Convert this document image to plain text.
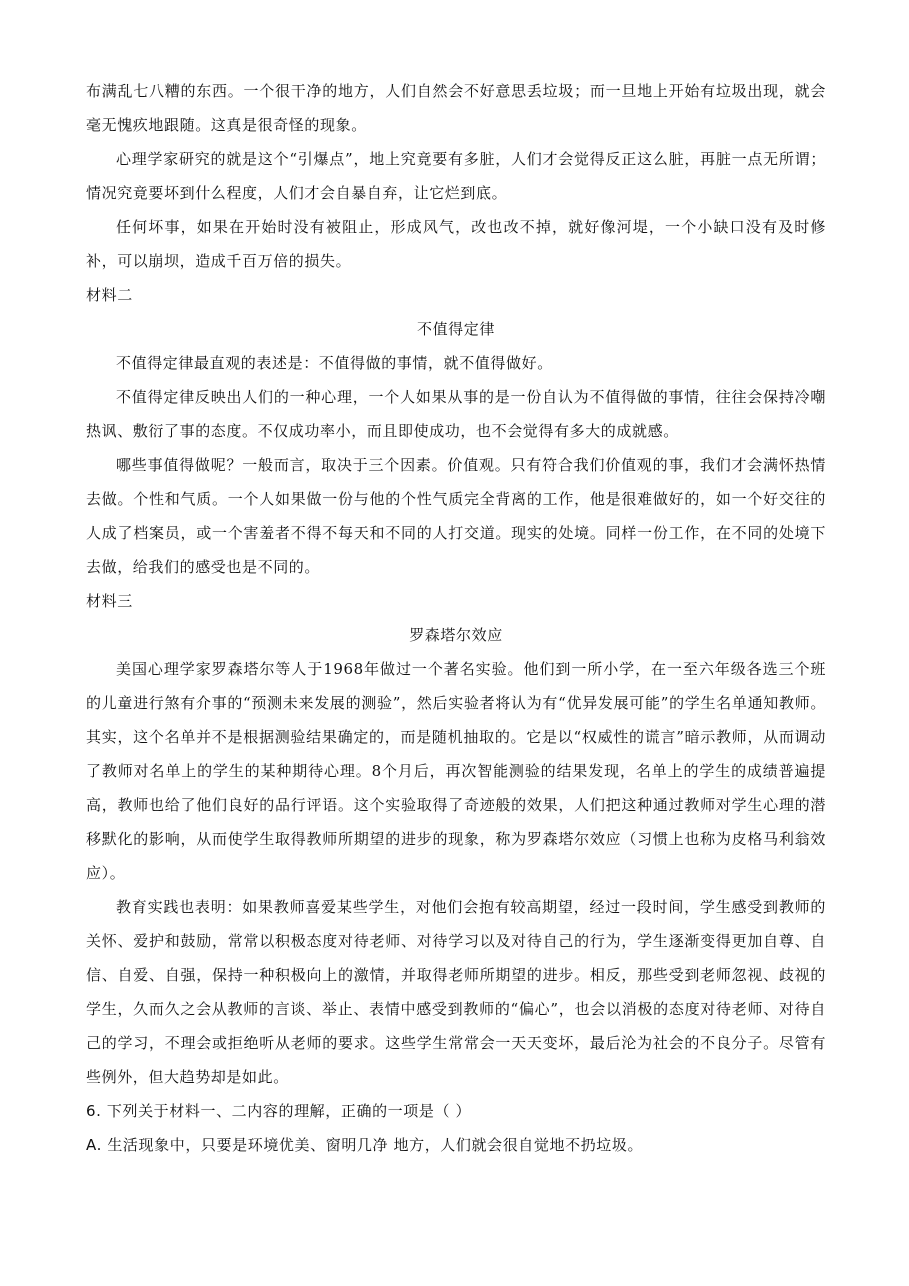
布满乱七八糟的东西。一个很干净的地方，人们自然会不好意思丢垃圾；而一旦地上开始有垃圾出现，就会毫无愧疚地跟随。这真是很奇怪的现象。

心理学家研究的就是这个“引爆点”，地上究竟要有多脏，人们才会觉得反正这么脏，再脏一点无所谓；情况究竟要坏到什么程度，人们才会自暴自弃，让它烂到底。

任何坏事，如果在开始时没有被阻止，形成风气，改也改不掉，就好像河堤，一个小缺口没有及时修补，可以崩坝，造成千百万倍的损失。

材料二

不值得定律

不值得定律最直观的表述是：不值得做的事情，就不值得做好。

不值得定律反映出人们的一种心理，一个人如果从事的是一份自认为不值得做的事情，往往会保持冷嘲热讽、敷衍了事的态度。不仅成功率小，而且即使成功，也不会觉得有多大的成就感。

哪些事值得做呢？一般而言，取决于三个因素。价值观。只有符合我们价值观的事，我们才会满怀热情去做。个性和气质。一个人如果做一份与他的个性气质完全背离的工作，他是很难做好的，如一个好交往的人成了档案员，或一个害羞者不得不每天和不同的人打交道。现实的处境。同样一份工作，在不同的处境下去做，给我们的感受也是不同的。

材料三

罗森塔尔效应

美国心理学家罗森塔尔等人于1968年做过一个著名实验。他们到一所小学，在一至六年级各选三个班的儿童进行煞有介事的“预测未来发展的测验”，然后实验者将认为有“优异发展可能”的学生名单通知教师。其实，这个名单并不是根据测验结果确定的，而是随机抽取的。它是以“权威性的谎言”暗示教师，从而调动了教师对名单上的学生的某种期待心理。8个月后，再次智能测验的结果发现，名单上的学生的成绩普遍提高，教师也给了他们良好的品行评语。这个实验取得了奇迹般的效果，人们把这种通过教师对学生心理的潜移默化的影响，从而使学生取得教师所期望的进步的现象，称为罗森塔尔效应（习惯上也称为皮格马利翁效应）。

教育实践也表明：如果教师喜爱某些学生，对他们会抱有较高期望，经过一段时间，学生感受到教师的关怀、爱护和鼓励，常常以积极态度对待老师、对待学习以及对待自己的行为，学生逐渐变得更加自尊、自信、自爱、自强，保持一种积极向上的激情，并取得老师所期望的进步。相反，那些受到老师忽视、歧视的学生，久而久之会从教师的言谈、举止、表情中感受到教师的“偏心”，也会以消极的态度对待老师、对待自己的学习，不理会或拒绝听从老师的要求。这些学生常常会一天天变坏，最后沦为社会的不良分子。尽管有些例外，但大趋势却是如此。

6. 下列关于材料一、二内容的理解，正确的一项是（ ）

A. 生活现象中，只要是环境优美、窗明几净 地方，人们就会很自觉地不扔垃圾。
